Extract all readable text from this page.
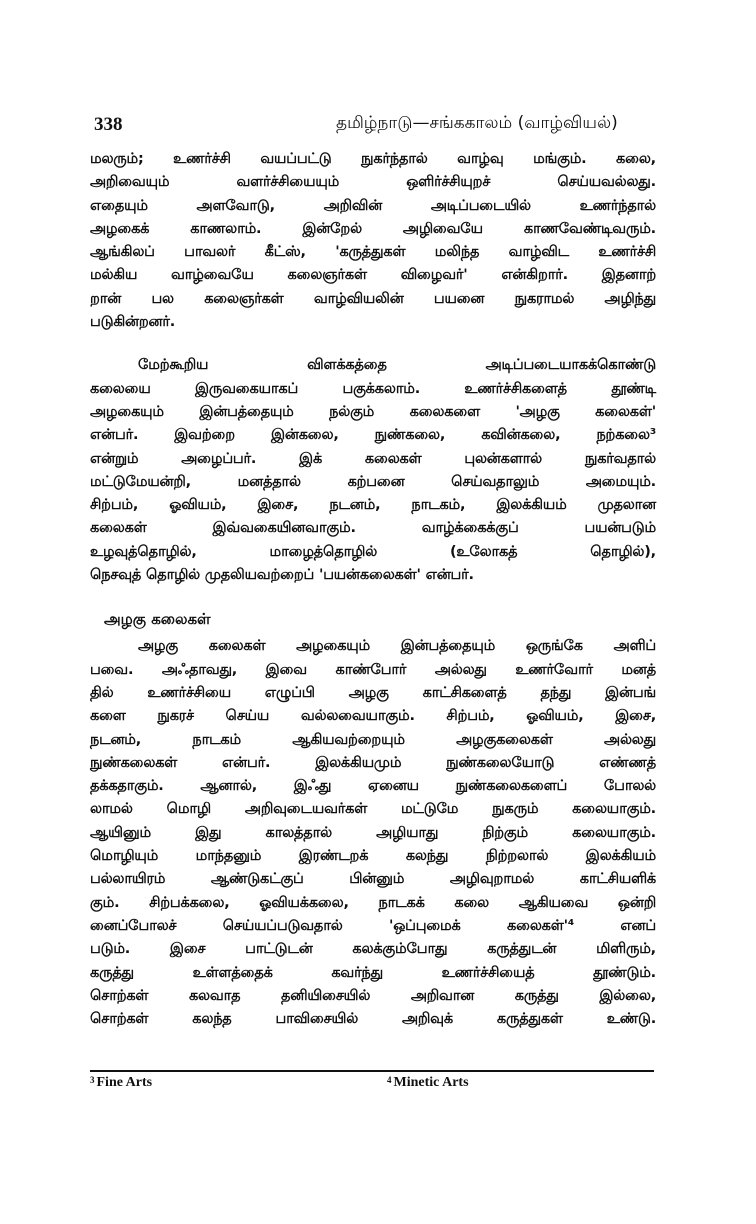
338	தமிழ்நாடு—சங்ககாலம் (வாழ்வியல்)
மலரும்; உணர்ச்சி வயப்பட்டு நுகர்ந்தால் வாழ்வு மங்கும். கலை,
அறிவையும் வளர்ச்சியையும் ஒளிர்ச்சியுறச் செய்யவல்லது.
எதையும் அளவோடு, அறிவின் அடிப்படையில் உணர்ந்தால்
அழகைக் காணலாம். இன்றேல் அழிவையே காணவேண்டிவரும்.
ஆங்கிலப் பாவலர் கீட்ஸ், 'கருத்துகள் மலிந்த வாழ்விட உணர்ச்சி
மல்கிய வாழ்வையே கலைஞர்கள் விழைவர்' என்கிறார். இதனாற்
றான் பல கலைஞர்கள் வாழ்வியலின் பயனை நுகராமல் அழிந்து
படுகின்றனர்.
மேற்கூறிய விளக்கத்தை அடிப்படையாகக்கொண்டு
கலையை இருவகையாகப் பகுக்கலாம். உணர்ச்சிகளைத் தூண்டி
அழகையும் இன்பத்தையும் நல்கும் கலைகளை 'அழகு கலைகள்'
என்பர். இவற்றை இன்கலை, நுண்கலை, கவின்கலை, நற்கலை³
என்றும் அழைப்பர். இக் கலைகள் புலன்களால் நுகர்வதால்
மட்டுமேயன்றி, மனத்தால் கற்பனை செய்வதாலும் அமையும்.
சிற்பம், ஓவியம், இசை, நடனம், நாடகம், இலக்கியம் முதலான
கலைகள் இவ்வகையினவாகும். வாழ்க்கைக்குப் பயன்படும்
உழவுத்தொழில், மாழைத்தொழில் (உலோகத் தொழில்),
நெசவுத் தொழில் முதலியவற்றைப் 'பயன்கலைகள்' என்பர்.
அழகு கலைகள்
அழகு கலைகள் அழகையும் இன்பத்தையும் ஒருங்கே அளிப்
பவை. அஃதாவது, இவை காண்போர் அல்லது உணர்வோர் மனத்
தில் உணர்ச்சியை எழுப்பி அழகு காட்சிகளைத் தந்து இன்பங்
களை நுகரச் செய்ய வல்லவையாகும். சிற்பம், ஓவியம், இசை,
நடனம், நாடகம் ஆகியவற்றையும் அழகுகலைகள் அல்லது
நுண்கலைகள் என்பர். இலக்கியமும் நுண்கலையோடு எண்ணத்
தக்கதாகும். ஆனால், இஃது ஏனைய நுண்கலைகளைப் போலல்
லாமல் மொழி அறிவுடையவர்கள் மட்டுமே நுகரும் கலையாகும்.
ஆயினும் இது காலத்தால் அழியாது நிற்கும் கலையாகும்.
மொழியும் மாந்தனும் இரண்டறக் கலந்து நிற்றலால் இலக்கியம்
பல்லாயிரம் ஆண்டுகட்குப் பின்னும் அழிவுறாமல் காட்சியளிக்
கும். சிற்பக்கலை, ஓவியக்கலை, நாடகக் கலை ஆகியவை ஒன்றி
னைப்போலச் செய்யப்படுவதால் 'ஒப்புமைக் கலைகள்'⁴ எனப்
படும். இசை பாட்டுடன் கலக்கும்போது கருத்துடன் மிளிரும்,
கருத்து உள்ளத்தைக் கவர்ந்து உணர்ச்சியைத் தூண்டும்.
சொற்கள் கலவாத தனியிசையில் அறிவான கருத்து இல்லை,
சொற்கள் கலந்த பாவிசையில் அறிவுக் கருத்துகள் உண்டு.
$^3$ Fine Arts	$^4$ Minetic Arts
